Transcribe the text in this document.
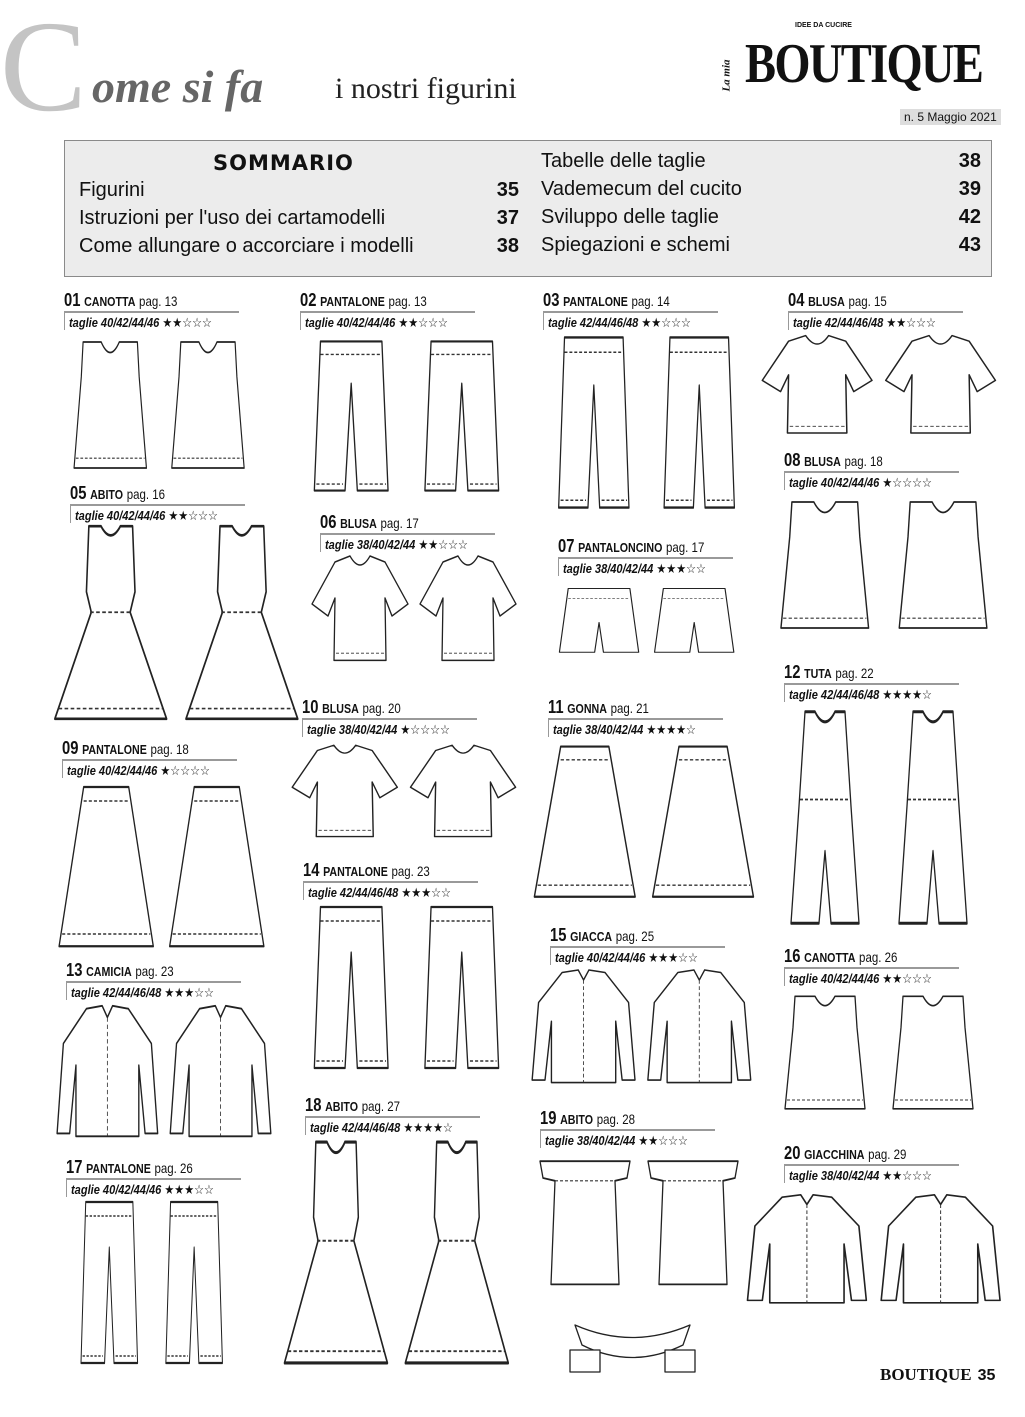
C ome si fa i nostri figurini
IDEE DA CUCIRE
La mia BOUTIQUE
n. 5 Maggio 2021
SOMMARIO
Figurini	35
Istruzioni per l'uso dei cartamodelli	37
Come allungare o accorciare i modelli	38
Tabelle delle taglie	38
Vademecum del cucito	39
Sviluppo delle taglie	42
Spiegazioni e schemi	43
01 CANOTTA pag. 13
taglie 40/42/44/46 ★★☆☆☆
02 PANTALONE pag. 13
taglie 40/42/44/46 ★★☆☆☆
03 PANTALONE pag. 14
taglie 42/44/46/48 ★★☆☆☆
04 BLUSA pag. 15
taglie 42/44/46/48 ★★☆☆☆
05 ABITO pag. 16
taglie 40/42/44/46 ★★☆☆☆	06 BLUSA pag. 17
taglie 38/40/42/44 ★★☆☆☆	07 PANTALONCINO pag. 17
taglie 38/40/42/44 ★★★☆☆
08 BLUSA pag. 18
taglie 40/42/44/46 ★☆☆☆☆
09 PANTALONE pag. 18
taglie 40/42/44/46 ★☆☆☆☆
10 BLUSA pag. 20
taglie 38/40/42/44 ★☆☆☆☆
11 GONNA pag. 21
taglie 38/40/42/44 ★★★★☆
12 TUTA pag. 22
taglie 42/44/46/48 ★★★★☆
13 CAMICIA pag. 23
taglie 42/44/46/48 ★★★☆☆
14 PANTALONE pag. 23
taglie 42/44/46/48 ★★★☆☆
15 GIACCA pag. 25
taglie 40/42/44/46 ★★★☆☆	16 CANOTTA pag. 26
taglie 40/42/44/46 ★★☆☆☆
17 PANTALONE pag. 26
taglie 40/42/44/46 ★★★☆☆
18 ABITO pag. 27
taglie 42/44/46/48 ★★★★☆	19 ABITO pag. 28
taglie 38/40/42/44 ★★☆☆☆
20 GIACCHINA pag. 29
taglie 38/40/42/44 ★★☆☆☆
BOUTIQUE 35
